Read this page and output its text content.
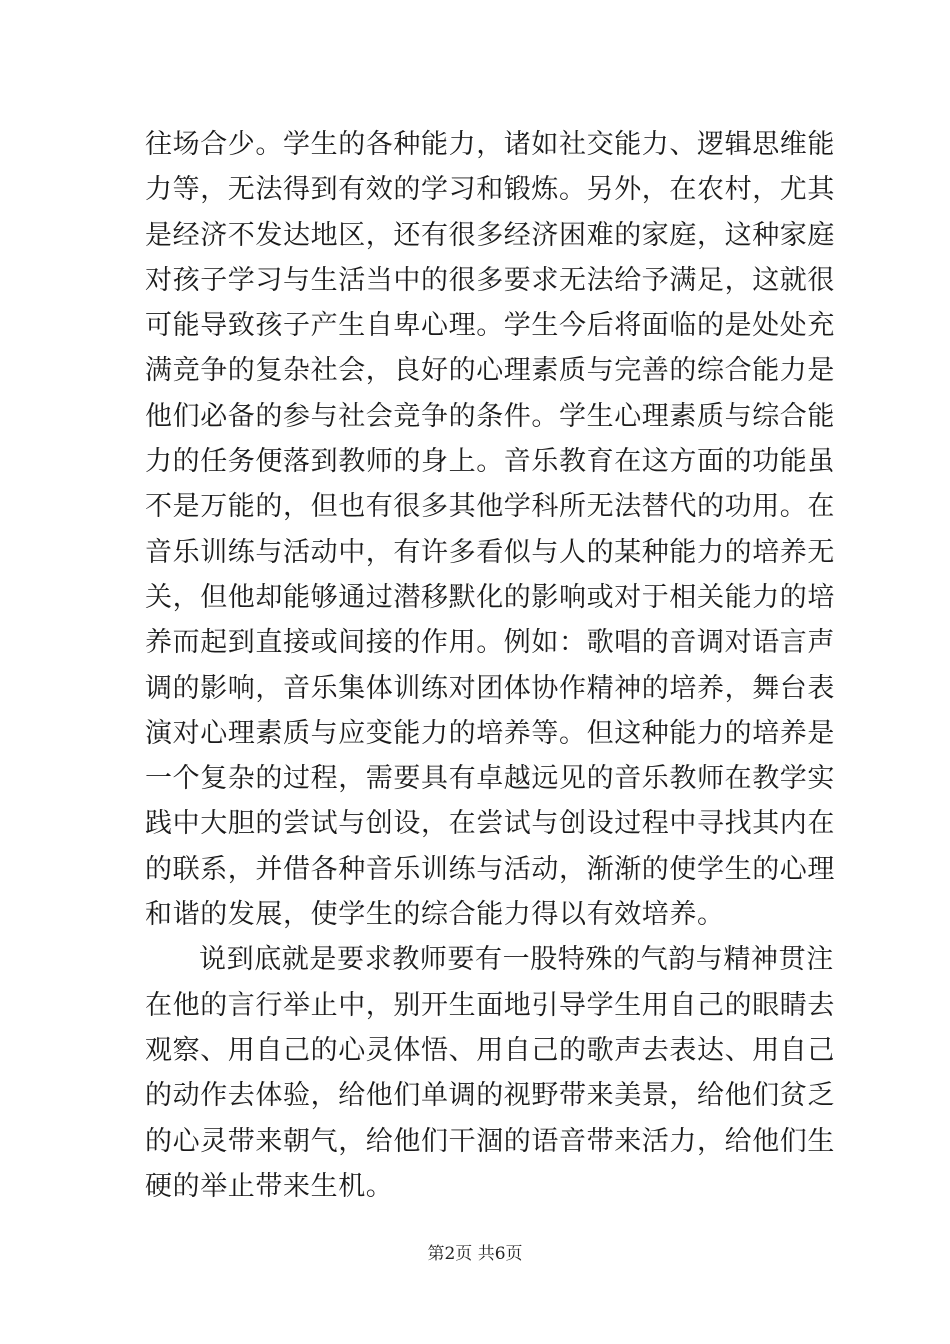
往场合少。学生的各种能力，诸如社交能力、逻辑思维能
力等，无法得到有效的学习和锻炼。另外，在农村，尤其
是经济不发达地区，还有很多经济困难的家庭，这种家庭
对孩子学习与生活当中的很多要求无法给予满足，这就很
可能导致孩子产生自卑心理。学生今后将面临的是处处充
满竞争的复杂社会，良好的心理素质与完善的综合能力是
他们必备的参与社会竞争的条件。学生心理素质与综合能
力的任务便落到教师的身上。音乐教育在这方面的功能虽
不是万能的，但也有很多其他学科所无法替代的功用。在
音乐训练与活动中，有许多看似与人的某种能力的培养无
关，但他却能够通过潜移默化的影响或对于相关能力的培
养而起到直接或间接的作用。例如：歌唱的音调对语言声
调的影响，音乐集体训练对团体协作精神的培养，舞台表
演对心理素质与应变能力的培养等。但这种能力的培养是
一个复杂的过程，需要具有卓越远见的音乐教师在教学实
践中大胆的尝试与创设，在尝试与创设过程中寻找其内在
的联系，并借各种音乐训练与活动，渐渐的使学生的心理
和谐的发展，使学生的综合能力得以有效培养。
说到底就是要求教师要有一股特殊的气韵与精神贯注
在他的言行举止中，别开生面地引导学生用自己的眼睛去
观察、用自己的心灵体悟、用自己的歌声去表达、用自己
的动作去体验，给他们单调的视野带来美景，给他们贫乏
的心灵带来朝气，给他们干涸的语音带来活力，给他们生
硬的举止带来生机。
第2页 共6页
